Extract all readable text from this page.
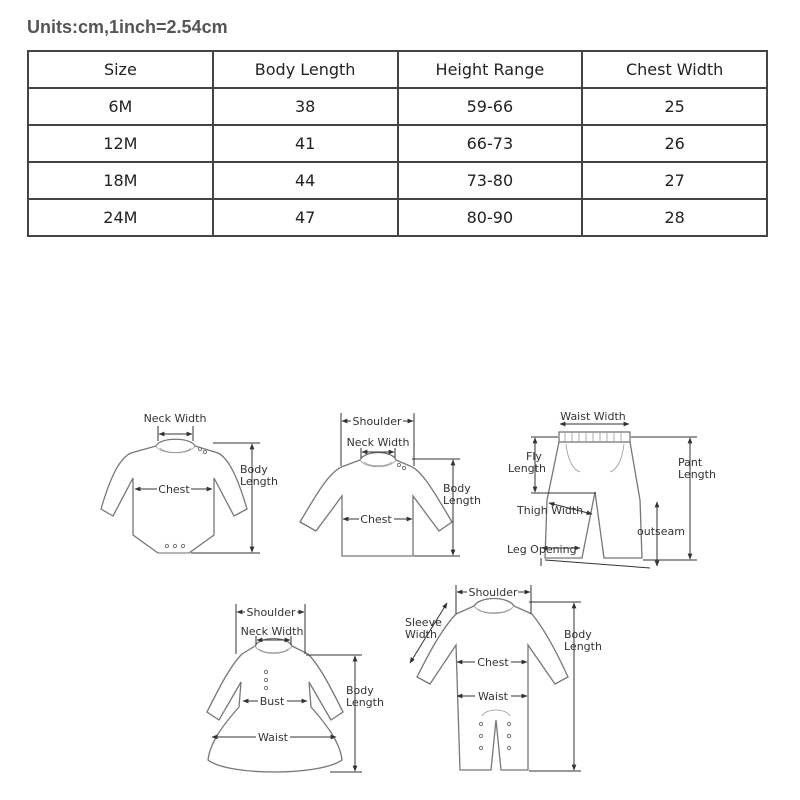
Units:cm,1inch=2.54cm
Size	Body Length	Height Range	Chest Width
6M	38	59-66	25
12M	41	66-73	26
18M	44	73-80	27
24M	47	80-90	28
Neck Width
Chest
Body
Length
Shoulder
Neck Width
Chest
Body
Length
Waist Width
Fly
Length	Pant
Length
Thigh Width
outseam
Leg Opening
Shoulder
Neck Width
Bust
Waist
Body
Length
Shoulder
Sleeve
Width
Chest
Waist
Body
Length
